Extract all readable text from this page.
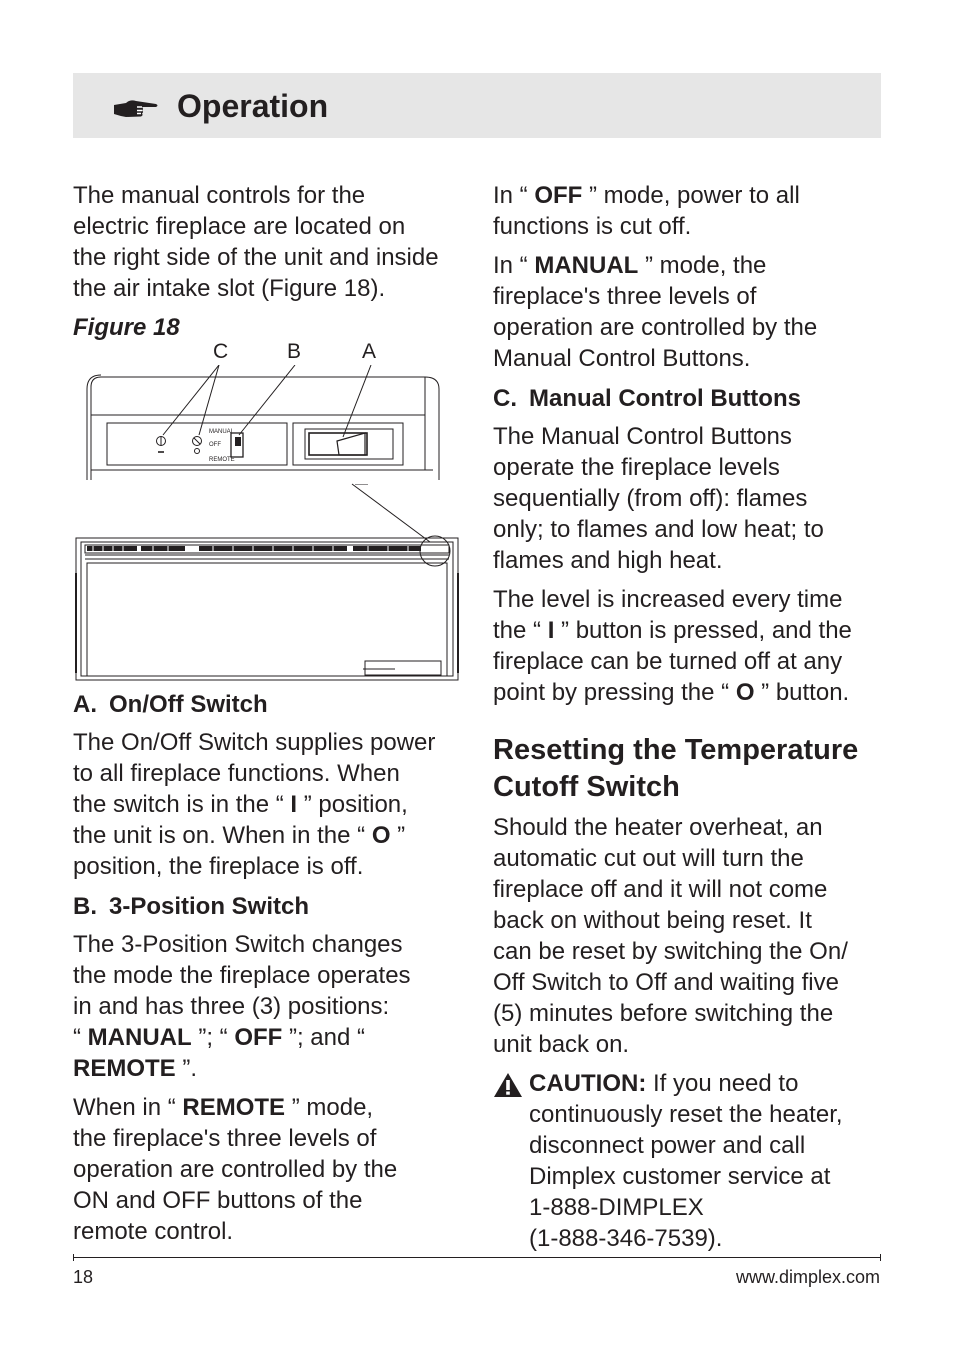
Operation

The manual controls for the
electric fireplace are located on
the right side of the unit and inside
the air intake slot (Figure 18).

Figure 18

MANUAL
OFF
REMOTE
C	B	A

A. On/Off Switch

The On/Off Switch supplies power
to all fireplace functions. When
the switch is in the “ I ” position,
the unit is on. When in the “ O ”
position, the fireplace is off.

B. 3-Position Switch

The 3-Position Switch changes
the mode the fireplace operates
in and has three (3) positions:
“ MANUAL ”; “ OFF ”; and “
REMOTE ”.

When in “ REMOTE ” mode,
the fireplace's three levels of
operation are controlled by the
ON and OFF buttons of the
remote control.

In “ OFF ” mode, power to all
functions is cut off.

In “ MANUAL ” mode, the
fireplace's three levels of
operation are controlled by the
Manual Control Buttons.

C. Manual Control Buttons

The Manual Control Buttons
operate the fireplace levels
sequentially (from off): flames
only; to flames and low heat; to
flames and high heat.

The level is increased every time
the “ I ” button is pressed, and the
fireplace can be turned off at any
point by pressing the “ O ” button.

Resetting the Temperature
Cutoff Switch

Should the heater overheat, an
automatic cut out will turn the
fireplace off and it will not come
back on without being reset. It
can be reset by switching the On/
Off Switch to Off and waiting five
(5) minutes before switching the
unit back on.

CAUTION: If you need to
continuously reset the heater,
disconnect power and call
Dimplex customer service at
1-888-DIMPLEX
(1-888-346-7539).
18	www.dimplex.com
